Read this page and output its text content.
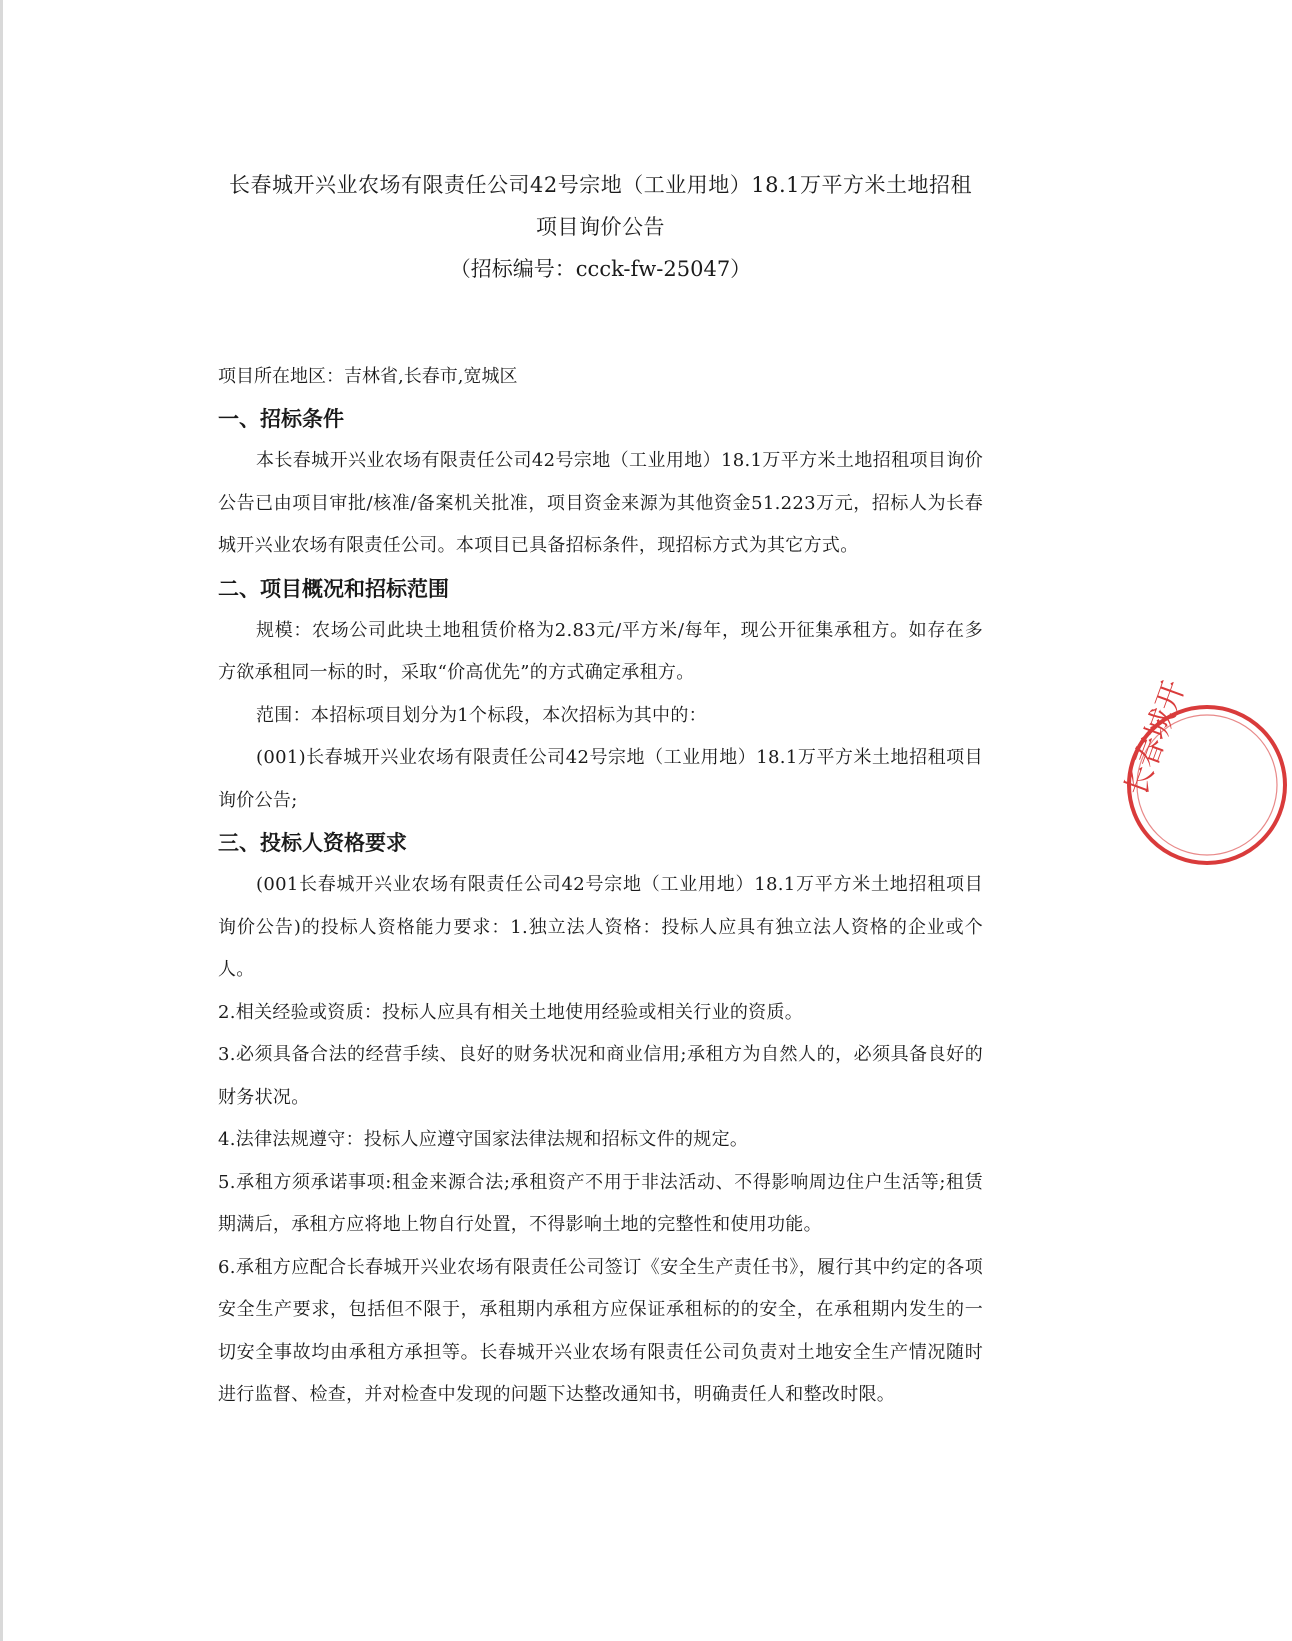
长春城开兴业农场有限责任公司42号宗地（工业用地）18.1万平方米土地招租

项目询价公告

（招标编号：ccck-fw-25047）

项目所在地区：吉林省,长春市,宽城区
一、招标条件

本长春城开兴业农场有限责任公司42号宗地（工业用地）18.1万平方米土地招租项目询价公告已由项目审批/核准/备案机关批准，项目资金来源为其他资金51.223万元，招标人为长春城开兴业农场有限责任公司。本项目已具备招标条件，现招标方式为其它方式。

二、项目概况和招标范围

规模：农场公司此块土地租赁价格为2.83元/平方米/每年，现公开征集承租方。如存在多方欲承租同一标的时，采取“价高优先”的方式确定承租方。

范围：本招标项目划分为1个标段，本次招标为其中的：

(001)长春城开兴业农场有限责任公司42号宗地（工业用地）18.1万平方米土地招租项目询价公告;

三、投标人资格要求

(001长春城开兴业农场有限责任公司42号宗地（工业用地）18.1万平方米土地招租项目询价公告)的投标人资格能力要求：1.独立法人资格：投标人应具有独立法人资格的企业或个人。

2.相关经验或资质：投标人应具有相关土地使用经验或相关行业的资质。

3.必须具备合法的经营手续、良好的财务状况和商业信用;承租方为自然人的，必须具备良好的财务状况。

4.法律法规遵守：投标人应遵守国家法律法规和招标文件的规定。

5.承租方须承诺事项:租金来源合法;承租资产不用于非法活动、不得影响周边住户生活等;租赁期满后，承租方应将地上物自行处置，不得影响土地的完整性和使用功能。

6.承租方应配合长春城开兴业农场有限责任公司签订《安全生产责任书》，履行其中约定的各项安全生产要求，包括但不限于，承租期内承租方应保证承租标的的安全，在承租期内发生的一切安全事故均由承租方承担等。长春城开兴业农场有限责任公司负责对土地安全生产情况随时进行监督、检查，并对检查中发现的问题下达整改通知书，明确责任人和整改时限。

长春城开
